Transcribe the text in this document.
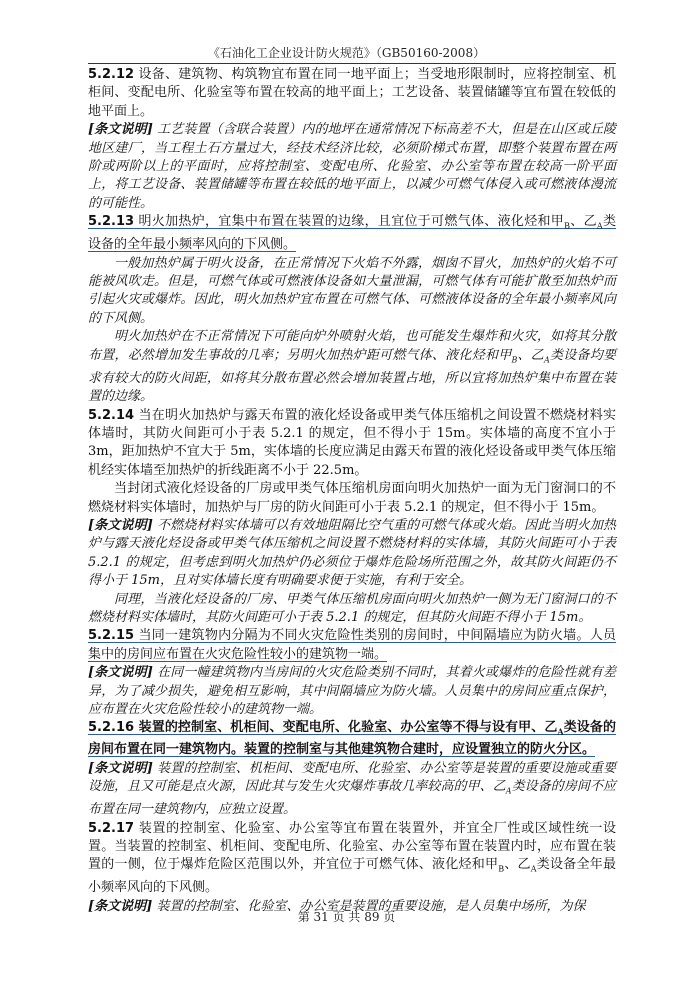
《石油化工企业设计防火规范》（GB50160-2008）

5.2.12 设备、建筑物、构筑物宜布置在同一地平面上；当受地形限制时，应将控制室、机柜间、变配电所、化验室等布置在较高的地平面上；工艺设备、装置储罐等宜布置在较低的地平面上。

[条文说明] 工艺装置（含联合装置）内的地坪在通常情况下标高差不大，但是在山区或丘陵地区建厂，当工程土石方量过大，经技术经济比较，必须阶梯式布置，即整个装置布置在两阶或两阶以上的平面时，应将控制室、变配电所、化验室、办公室等布置在较高一阶平面上，将工艺设备、装置储罐等布置在较低的地平面上，以减少可燃气体侵入或可燃液体漫流的可能性。

5.2.13 明火加热炉，宜集中布置在装置的边缘，且宜位于可燃气体、液化烃和甲$_B$、乙$_A$类设备的全年最小频率风向的下风侧。

一般加热炉属于明火设备，在正常情况下火焰不外露，烟囱不冒火，加热炉的火焰不可能被风吹走。但是，可燃气体或可燃液体设备如大量泄漏，可燃气体有可能扩散至加热炉而引起火灾或爆炸。因此，明火加热炉宜布置在可燃气体、可燃液体设备的全年最小频率风向的下风侧。

明火加热炉在不正常情况下可能向炉外喷射火焰，也可能发生爆炸和火灾，如将其分散布置，必然增加发生事故的几率；另明火加热炉距可燃气体、液化烃和甲$_B$、乙$_A$类设备均要求有较大的防火间距，如将其分散布置必然会增加装置占地，所以宜将加热炉集中布置在装置的边缘。

5.2.14 当在明火加热炉与露天布置的液化烃设备或甲类气体压缩机之间设置不燃烧材料实体墙时，其防火间距可小于表 5.2.1 的规定，但不得小于 15m。实体墙的高度不宜小于 3m，距加热炉不宜大于 5m，实体墙的长度应满足由露天布置的液化烃设备或甲类气体压缩机经实体墙至加热炉的折线距离不小于 22.5m。

当封闭式液化烃设备的厂房或甲类气体压缩机房面向明火加热炉一面为无门窗洞口的不燃烧材料实体墙时，加热炉与厂房的防火间距可小于表 5.2.1 的规定，但不得小于 15m。

[条文说明] 不燃烧材料实体墙可以有效地阻隔比空气重的可燃气体或火焰。因此当明火加热炉与露天液化烃设备或甲类气体压缩机之间设置不燃烧材料的实体墙，其防火间距可小于表 5.2.1 的规定，但考虑到明火加热炉仍必须位于爆炸危险场所范围之外，故其防火间距仍不得小于 15m，且对实体墙长度有明确要求便于实施，有利于安全。

同理，当液化烃设备的厂房、甲类气体压缩机房面向明火加热炉一侧为无门窗洞口的不燃烧材料实体墙时，其防火间距可小于表 5.2.1 的规定，但其防火间距不得小于 15m。

5.2.15 当同一建筑物内分隔为不同火灾危险性类别的房间时，中间隔墙应为防火墙。人员集中的房间应布置在火灾危险性较小的建筑物一端。

[条文说明] 在同一幢建筑物内当房间的火灾危险类别不同时，其着火或爆炸的危险性就有差异，为了减少损失，避免相互影响，其中间隔墙应为防火墙。人员集中的房间应重点保护，应布置在火灾危险性较小的建筑物一端。

5.2.16 装置的控制室、机柜间、变配电所、化验室、办公室等不得与设有甲、乙$_A$类设备的房间布置在同一建筑物内。装置的控制室与其他建筑物合建时，应设置独立的防火分区。

[条文说明] 装置的控制室、机柜间、变配电所、化验室、办公室等是装置的重要设施或重要设施，且又可能是点火源，因此其与发生火灾爆炸事故几率较高的甲、乙$_A$类设备的房间不应布置在同一建筑物内，应独立设置。

5.2.17 装置的控制室、化验室、办公室等宜布置在装置外，并宜全厂性或区域性统一设置。当装置的控制室、机柜间、变配电所、化验室、办公室等布置在装置内时，应布置在装置的一侧，位于爆炸危险区范围以外，并宜位于可燃气体、液化烃和甲$_B$、乙$_A$类设备全年最小频率风向的下风侧。

[条文说明] 装置的控制室、化验室、办公室是装置的重要设施，是人员集中场所，为保

第 31 页 共 89 页
